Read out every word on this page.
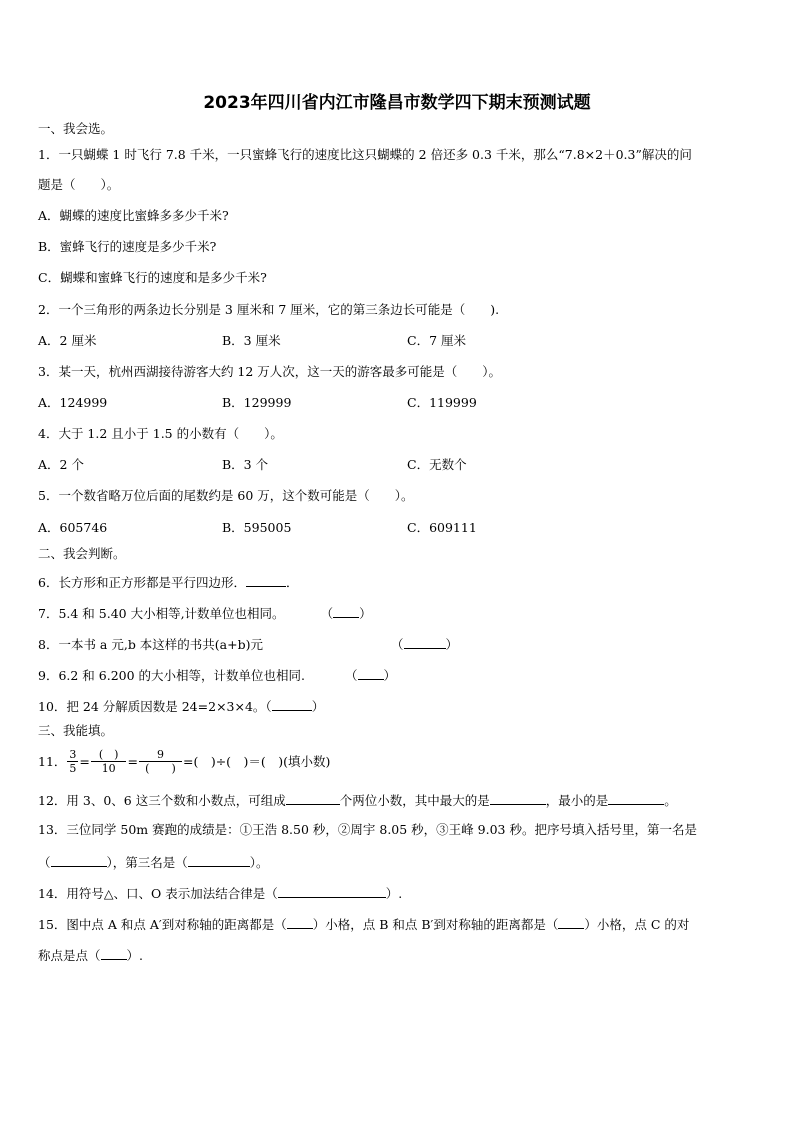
2023年四川省内江市隆昌市数学四下期末预测试题
一、我会选。
1．一只蝴蝶 1 时飞行 7.8 千米，一只蜜蜂飞行的速度比这只蝴蝶的 2 倍还多 0.3 千米，那么“7.8×2＋0.3”解决的问
题是（　　）。
A．蝴蝶的速度比蜜蜂多多少千米?
B．蜜蜂飞行的速度是多少千米?
C．蝴蝶和蜜蜂飞行的速度和是多少千米?
2．一个三角形的两条边长分别是 3 厘米和 7 厘米，它的第三条边长可能是（　　).
A．2 厘米	B．3 厘米	C．7 厘米
3．某一天，杭州西湖接待游客大约 12 万人次，这一天的游客最多可能是（　　）。
A．124999	B．129999	C．119999
4．大于 1.2 且小于 1.5 的小数有（　　）。
A．2 个	B．3 个	C．无数个
5．一个数省略万位后面的尾数约是 60 万，这个数可能是（　　）。
A．605746	B．595005	C．609111
二、我会判断。
6．长方形和正方形都是平行四边形．	．
7．5.4 和 5.40 大小相等,计数单位也相同。	（ ）
8．一本书 a 元,b 本这样的书共(a+b)元	（	）
9．6.2 和 6.200 的大小相等，计数单位也相同.	（ ）
10．把 24 分解质因数是 24=2×3×4。（	）
三、我能填。
11． $\frac{3}{5} = \frac{( )}{10} = \frac{9}{( )}$ =(　)÷(　)＝(　)(填小数)
12．用 3、0、6 这三个数和小数点，可组成	个两位小数，其中最大的是	，最小的是	。
13．三位同学 50m 赛跑的成绩是：①王浩 8.50 秒，②周宇 8.05 秒，③王峰 9.03 秒。把序号填入括号里，第一名是
（	），第三名是（	）。
14．用符号△、口、O 表示加法结合律是（	）.
15．图中点 A 和点 A′到对称轴的距离都是（ ）小格，点 B 和点 B′到对称轴的距离都是（ ）小格，点 C 的对
称点是点（ ）.
